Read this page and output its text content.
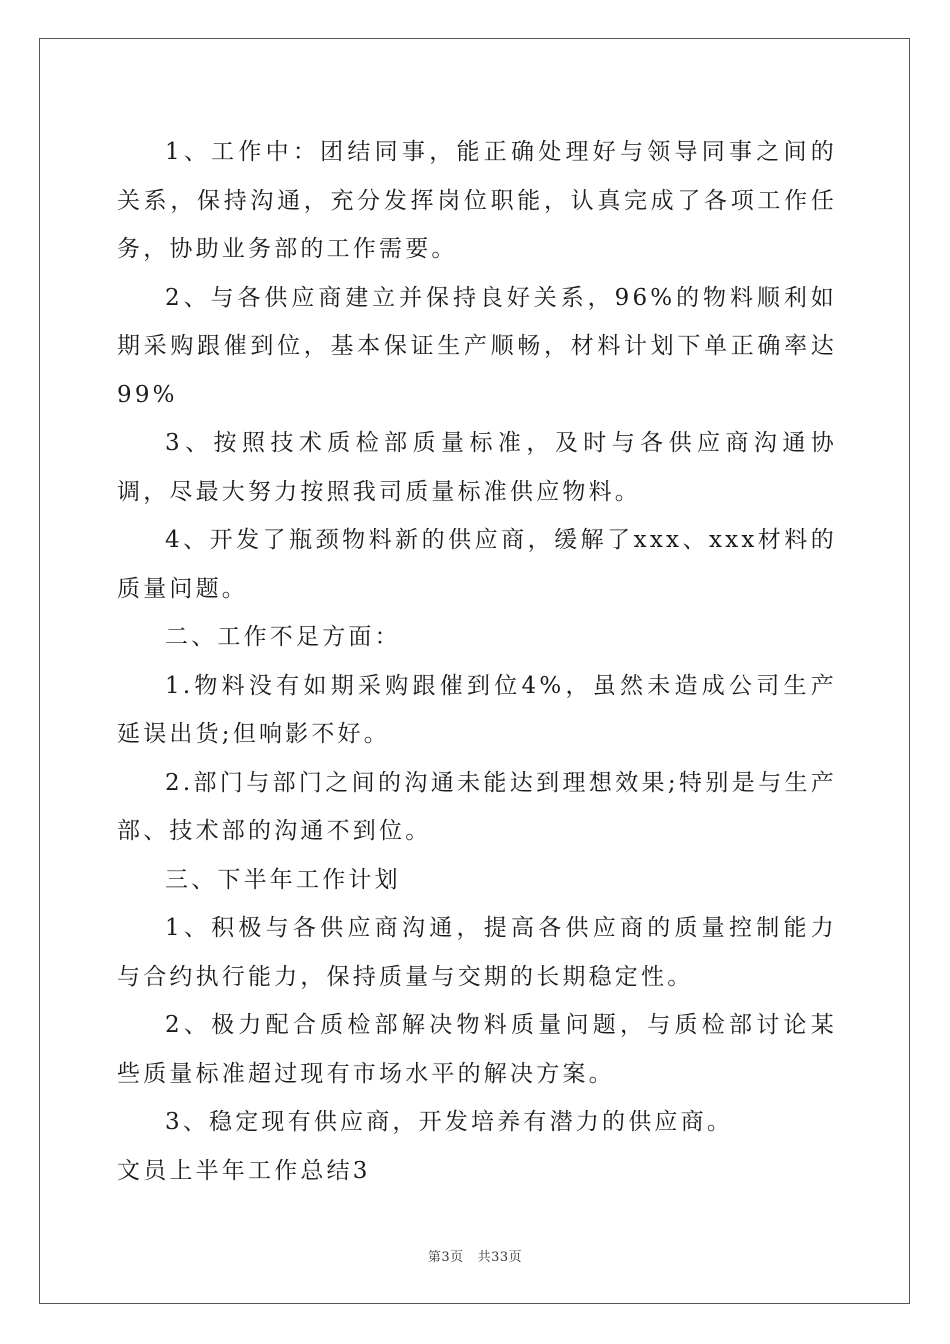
1、工作中：团结同事，能正确处理好与领导同事之间的关系，保持沟通，充分发挥岗位职能，认真完成了各项工作任务，协助业务部的工作需要。

2、与各供应商建立并保持良好关系，96%的物料顺利如期采购跟催到位，基本保证生产顺畅，材料计划下单正确率达99%

3、按照技术质检部质量标准，及时与各供应商沟通协调，尽最大努力按照我司质量标准供应物料。

4、开发了瓶颈物料新的供应商，缓解了xxx、xxx材料的质量问题。

二、工作不足方面：

1.物料没有如期采购跟催到位4%，虽然未造成公司生产延误出货;但响影不好。

2.部门与部门之间的沟通未能达到理想效果;特别是与生产部、技术部的沟通不到位。

三、下半年工作计划

1、积极与各供应商沟通，提高各供应商的质量控制能力与合约执行能力，保持质量与交期的长期稳定性。

2、极力配合质检部解决物料质量问题，与质检部讨论某些质量标准超过现有市场水平的解决方案。

3、稳定现有供应商，开发培养有潜力的供应商。

文员上半年工作总结3

第3页 共33页
